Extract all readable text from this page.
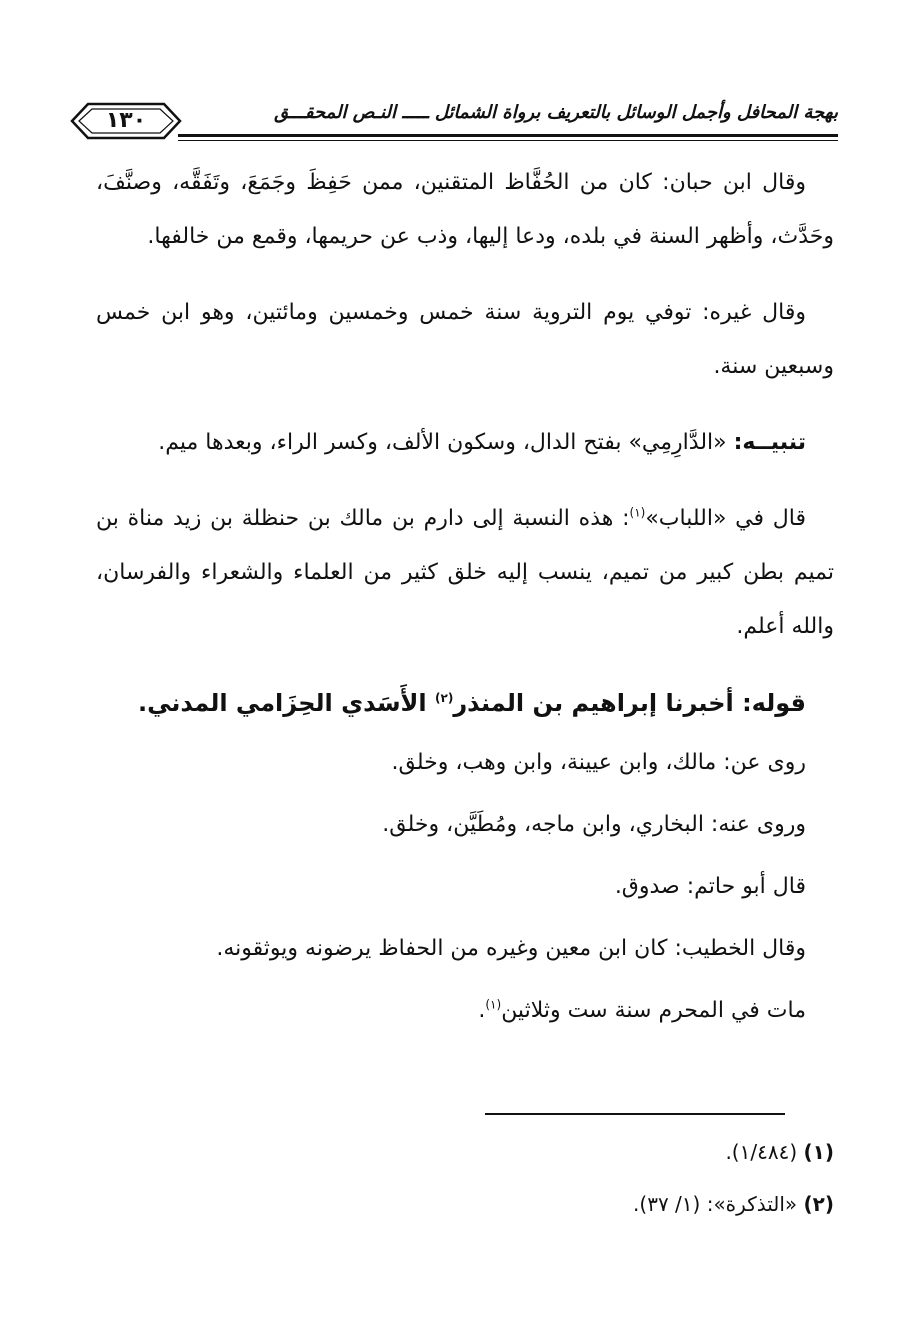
١٣٠	بهجة المحافل وأجمل الوسائل بالتعريف برواة الشمائل ـــــ النـص المحقـــق

وقال ابن حبان: كان من الحُفَّاظ المتقنين، ممن حَفِظَ وجَمَعَ، وتَفَقَّه، وصنَّفَ، وحَدَّث، وأظهر السنة في بلده، ودعا إليها، وذب عن حريمها، وقمع من خالفها.

وقال غيره: توفي يوم التروية سنة خمس وخمسين ومائتين، وهو ابن خمس وسبعين سنة.

تنبيــه: «الدَّارِمِي» بفتح الدال، وسكون الألف، وكسر الراء، وبعدها ميم.

قال في «اللباب»$^{(١)}$: هذه النسبة إلى دارم بن مالك بن حنظلة بن زيد مناة بن تميم بطن كبير من تميم، ينسب إليه خلق كثير من العلماء والشعراء والفرسان، والله أعلم.

قوله: أخبرنا إبراهيم بن المنذر$^{(٢)}$ الأَسَدي الحِزَامي المدني.

روى عن: مالك، وابن عيينة، وابن وهب، وخلق.

وروى عنه: البخاري، وابن ماجه، ومُطَيَّن، وخلق.

قال أبو حاتم: صدوق.

وقال الخطيب: كان ابن معين وغيره من الحفاظ يرضونه ويوثقونه.

مات في المحرم سنة ست وثلاثين$^{(١)}$.

(١) (١/٤٨٤).

(٢) «التذكرة»: (١/ ٣٧).
